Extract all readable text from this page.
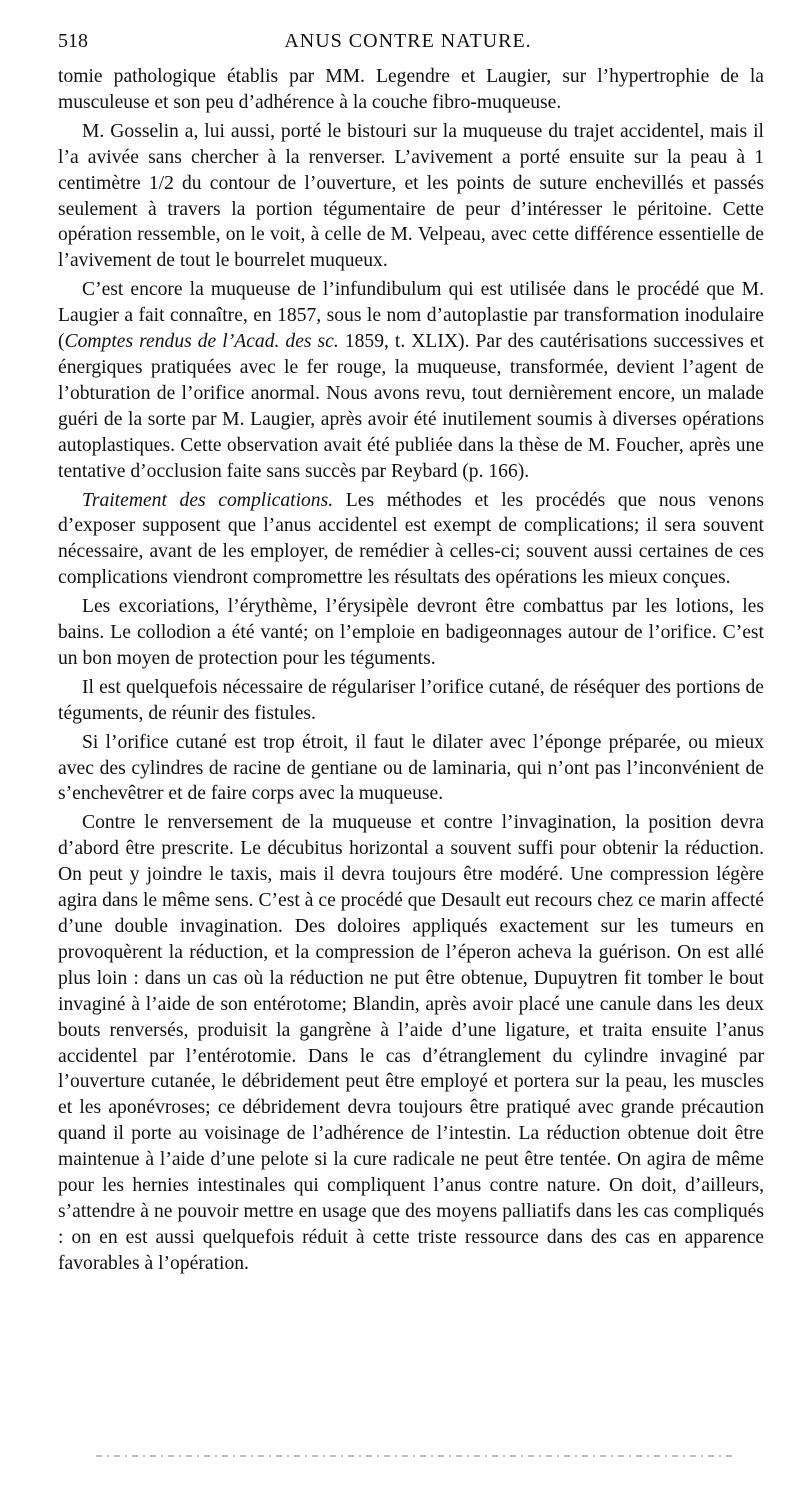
518	ANUS CONTRE NATURE.

tomie pathologique établis par MM. Legendre et Laugier, sur l’hypertrophie de la musculeuse et son peu d’adhérence à la couche fibro-muqueuse.

M. Gosselin a, lui aussi, porté le bistouri sur la muqueuse du trajet accidentel, mais il l’a avivée sans chercher à la renverser. L’avivement a porté ensuite sur la peau à 1 centimètre 1/2 du contour de l’ouverture, et les points de suture enchevillés et passés seulement à travers la portion tégumentaire de peur d’intéresser le péritoine. Cette opération ressemble, on le voit, à celle de M. Velpeau, avec cette différence essentielle de l’avivement de tout le bourrelet muqueux.

C’est encore la muqueuse de l’infundibulum qui est utilisée dans le procédé que M. Laugier a fait connaître, en 1857, sous le nom d’autoplastie par transformation inodulaire (Comptes rendus de l’Acad. des sc. 1859, t. XLIX). Par des cautérisations successives et énergiques pratiquées avec le fer rouge, la muqueuse, transformée, devient l’agent de l’obturation de l’orifice anormal. Nous avons revu, tout dernièrement encore, un malade guéri de la sorte par M. Laugier, après avoir été inutilement soumis à diverses opérations autoplastiques. Cette observation avait été publiée dans la thèse de M. Foucher, après une tentative d’occlusion faite sans succès par Reybard (p. 166).

Traitement des complications. Les méthodes et les procédés que nous venons d’exposer supposent que l’anus accidentel est exempt de complications; il sera souvent nécessaire, avant de les employer, de remédier à celles-ci; souvent aussi certaines de ces complications viendront compromettre les résultats des opérations les mieux conçues.

Les excoriations, l’érythème, l’érysipèle devront être combattus par les lotions, les bains. Le collodion a été vanté; on l’emploie en badigeonnages autour de l’orifice. C’est un bon moyen de protection pour les téguments.

Il est quelquefois nécessaire de régulariser l’orifice cutané, de réséquer des portions de téguments, de réunir des fistules.

Si l’orifice cutané est trop étroit, il faut le dilater avec l’éponge préparée, ou mieux avec des cylindres de racine de gentiane ou de laminaria, qui n’ont pas l’inconvénient de s’enchevêtrer et de faire corps avec la muqueuse.

Contre le renversement de la muqueuse et contre l’invagination, la position devra d’abord être prescrite. Le décubitus horizontal a souvent suffi pour obtenir la réduction. On peut y joindre le taxis, mais il devra toujours être modéré. Une compression légère agira dans le même sens. C’est à ce procédé que Desault eut recours chez ce marin affecté d’une double invagination. Des doloires appliqués exactement sur les tumeurs en provoquèrent la réduction, et la compression de l’éperon acheva la guérison. On est allé plus loin : dans un cas où la réduction ne put être obtenue, Dupuytren fit tomber le bout invaginé à l’aide de son entérotome; Blandin, après avoir placé une canule dans les deux bouts renversés, produisit la gangrène à l’aide d’une ligature, et traita ensuite l’anus accidentel par l’entérotomie. Dans le cas d’étranglement du cylindre invaginé par l’ouverture cutanée, le débridement peut être employé et portera sur la peau, les muscles et les aponévroses; ce débridement devra toujours être pratiqué avec grande précaution quand il porte au voisinage de l’adhérence de l’intestin. La réduction obtenue doit être maintenue à l’aide d’une pelote si la cure radicale ne peut être tentée. On agira de même pour les hernies intestinales qui compliquent l’anus contre nature. On doit, d’ailleurs, s’attendre à ne pouvoir mettre en usage que des moyens palliatifs dans les cas compliqués : on en est aussi quelquefois réduit à cette triste ressource dans des cas en apparence favorables à l’opération.
